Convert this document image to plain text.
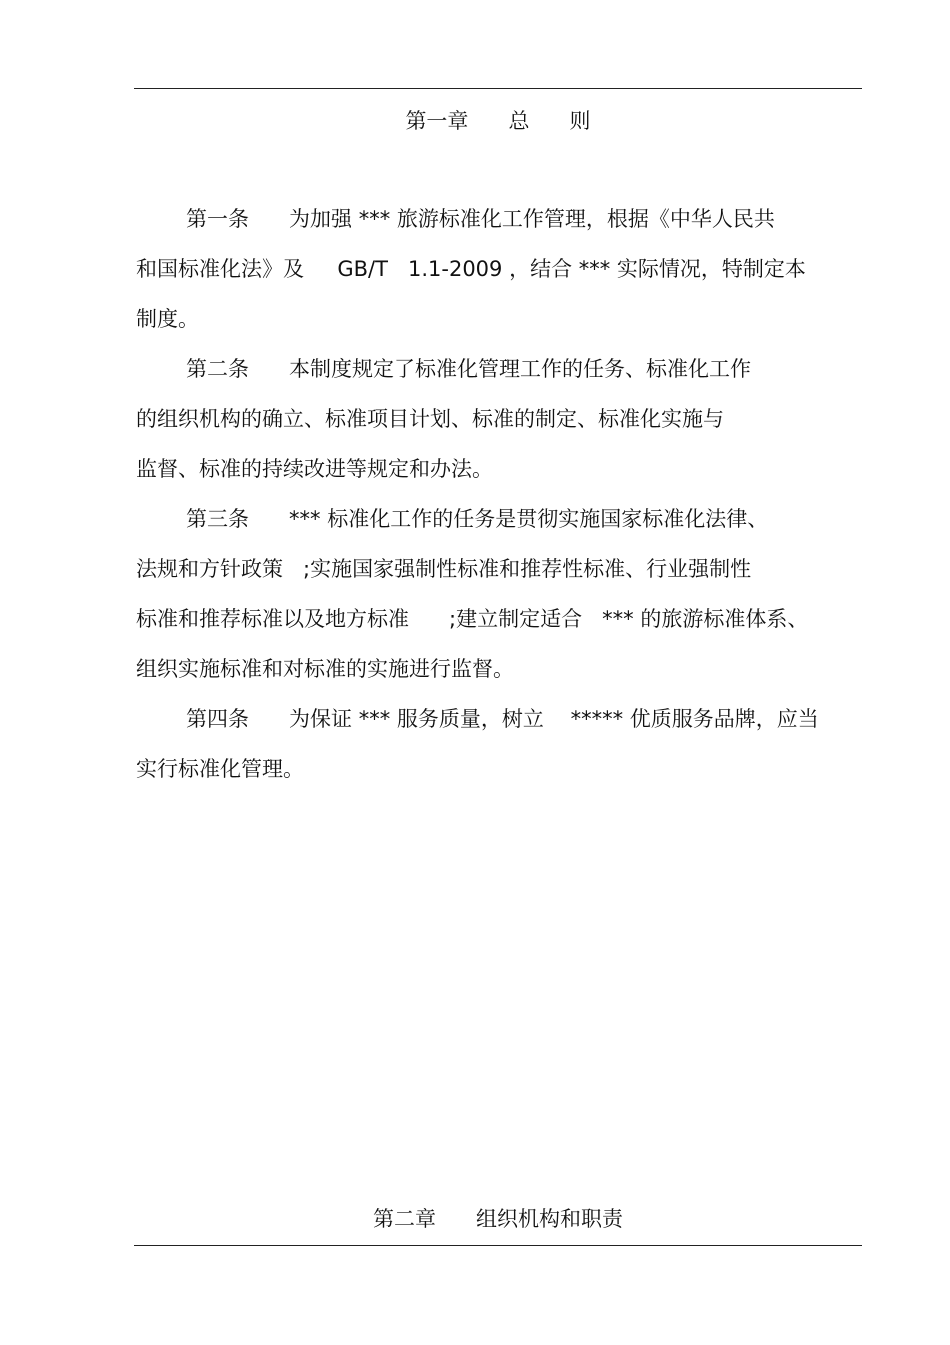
第一章      总      则
第一条      为加强 *** 旅游标准化工作管理，根据《中华人民共
和国标准化法》及     GB/T   1.1-2009 ，结合 *** 实际情况，特制定本
制度。
第二条      本制度规定了标准化管理工作的任务、标准化工作
的组织机构的确立、标准项目计划、标准的制定、标准化实施与
监督、标准的持续改进等规定和办法。
第三条      *** 标准化工作的任务是贯彻实施国家标准化法律、
法规和方针政策   ;实施国家强制性标准和推荐性标准、行业强制性
标准和推荐标准以及地方标准      ;建立制定适合   *** 的旅游标准体系、
组织实施标准和对标准的实施进行监督。
第四条      为保证 *** 服务质量，树立    ***** 优质服务品牌，应当
实行标准化管理。
第二章      组织机构和职责
